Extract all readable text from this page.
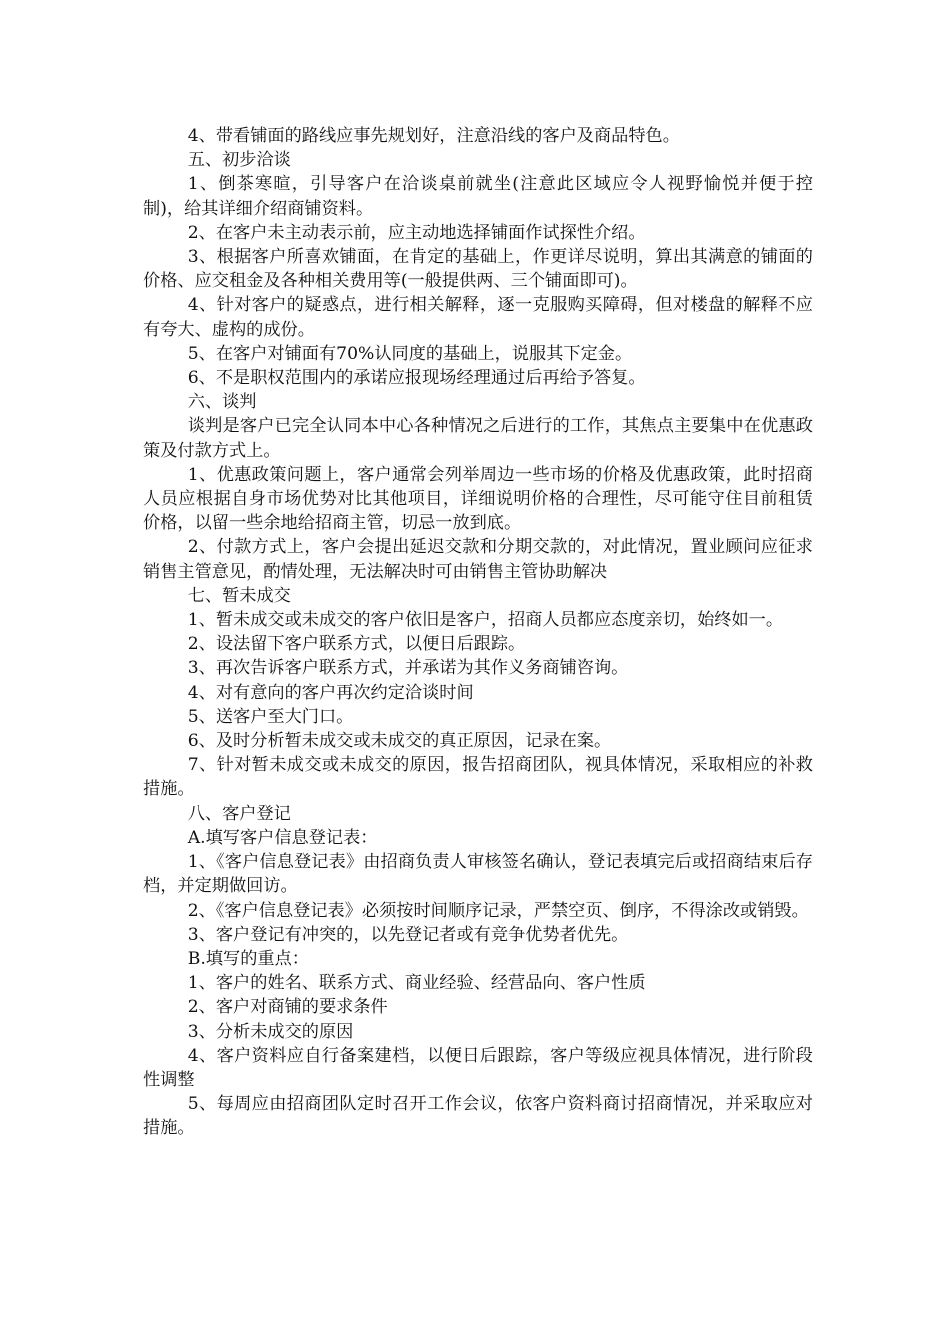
4、带看铺面的路线应事先规划好，注意沿线的客户及商品特色。

五、初步洽谈

1、倒茶寒暄，引导客户在洽谈桌前就坐(注意此区域应令人视野愉悦并便于控制)，给其详细介绍商铺资料。

2、在客户未主动表示前，应主动地选择铺面作试探性介绍。

3、根据客户所喜欢铺面，在肯定的基础上，作更详尽说明，算出其满意的铺面的价格、应交租金及各种相关费用等(一般提供两、三个铺面即可)。

4、针对客户的疑惑点，进行相关解释，逐一克服购买障碍，但对楼盘的解释不应有夸大、虚构的成份。

5、在客户对铺面有70%认同度的基础上，说服其下定金。

6、不是职权范围内的承诺应报现场经理通过后再给予答复。

六、谈判

谈判是客户已完全认同本中心各种情况之后进行的工作，其焦点主要集中在优惠政策及付款方式上。

1、优惠政策问题上，客户通常会列举周边一些市场的价格及优惠政策，此时招商人员应根据自身市场优势对比其他项目，详细说明价格的合理性，尽可能守住目前租赁价格，以留一些余地给招商主管，切忌一放到底。

2、付款方式上，客户会提出延迟交款和分期交款的，对此情况，置业顾问应征求销售主管意见，酌情处理，无法解决时可由销售主管协助解决

七、暂未成交

1、暂未成交或未成交的客户依旧是客户，招商人员都应态度亲切，始终如一。

2、设法留下客户联系方式，以便日后跟踪。

3、再次告诉客户联系方式，并承诺为其作义务商铺咨询。

4、对有意向的客户再次约定洽谈时间

5、送客户至大门口。

6、及时分析暂未成交或未成交的真正原因，记录在案。

7、针对暂未成交或未成交的原因，报告招商团队，视具体情况，采取相应的补救措施。

八、客户登记

A.填写客户信息登记表：

1、《客户信息登记表》由招商负责人审核签名确认，登记表填完后或招商结束后存档，并定期做回访。

2、《客户信息登记表》必须按时间顺序记录，严禁空页、倒序，不得涂改或销毁。

3、客户登记有冲突的，以先登记者或有竞争优势者优先。

B.填写的重点：

1、客户的姓名、联系方式、商业经验、经营品向、客户性质

2、客户对商铺的要求条件

3、分析未成交的原因

4、客户资料应自行备案建档，以便日后跟踪，客户等级应视具体情况，进行阶段性调整

5、每周应由招商团队定时召开工作会议，依客户资料商讨招商情况，并采取应对措施。
